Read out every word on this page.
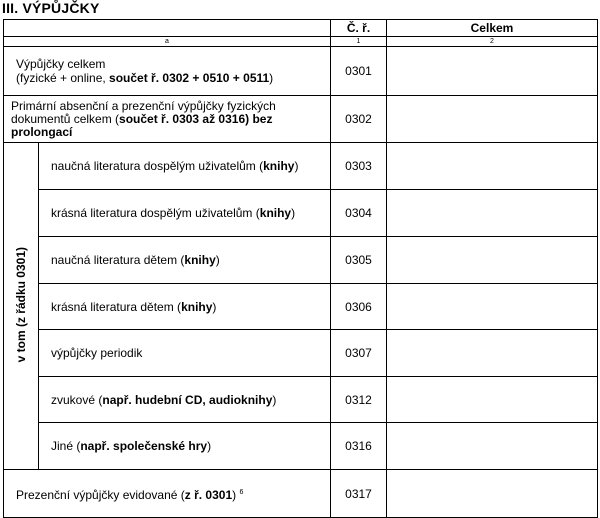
III. VÝPŮJČKY
		Č. ř.	Celkem
a		1	2
Výpůjčky celkem
(fyzické + online, součet ř. 0302 + 0510 + 0511)		0301	
Primární absenční a prezenční výpůjčky fyzických dokumentů celkem (součet ř. 0303 až 0316) bez prolongací		0302	
v tom (z řádku 0301)	naučná literatura dospělým uživatelům (knihy)	0303	
	krásná literatura dospělým uživatelům (knihy)	0304	
	naučná literatura dětem (knihy)	0305	
	krásná literatura dětem (knihy)	0306	
	výpůjčky periodik	0307	
	zvukové (např. hudební CD, audioknihy)	0312	
	Jiné (např. společenské hry)	0316	
Prezenční výpůjčky evidované (z ř. 0301) $^6$		0317	
